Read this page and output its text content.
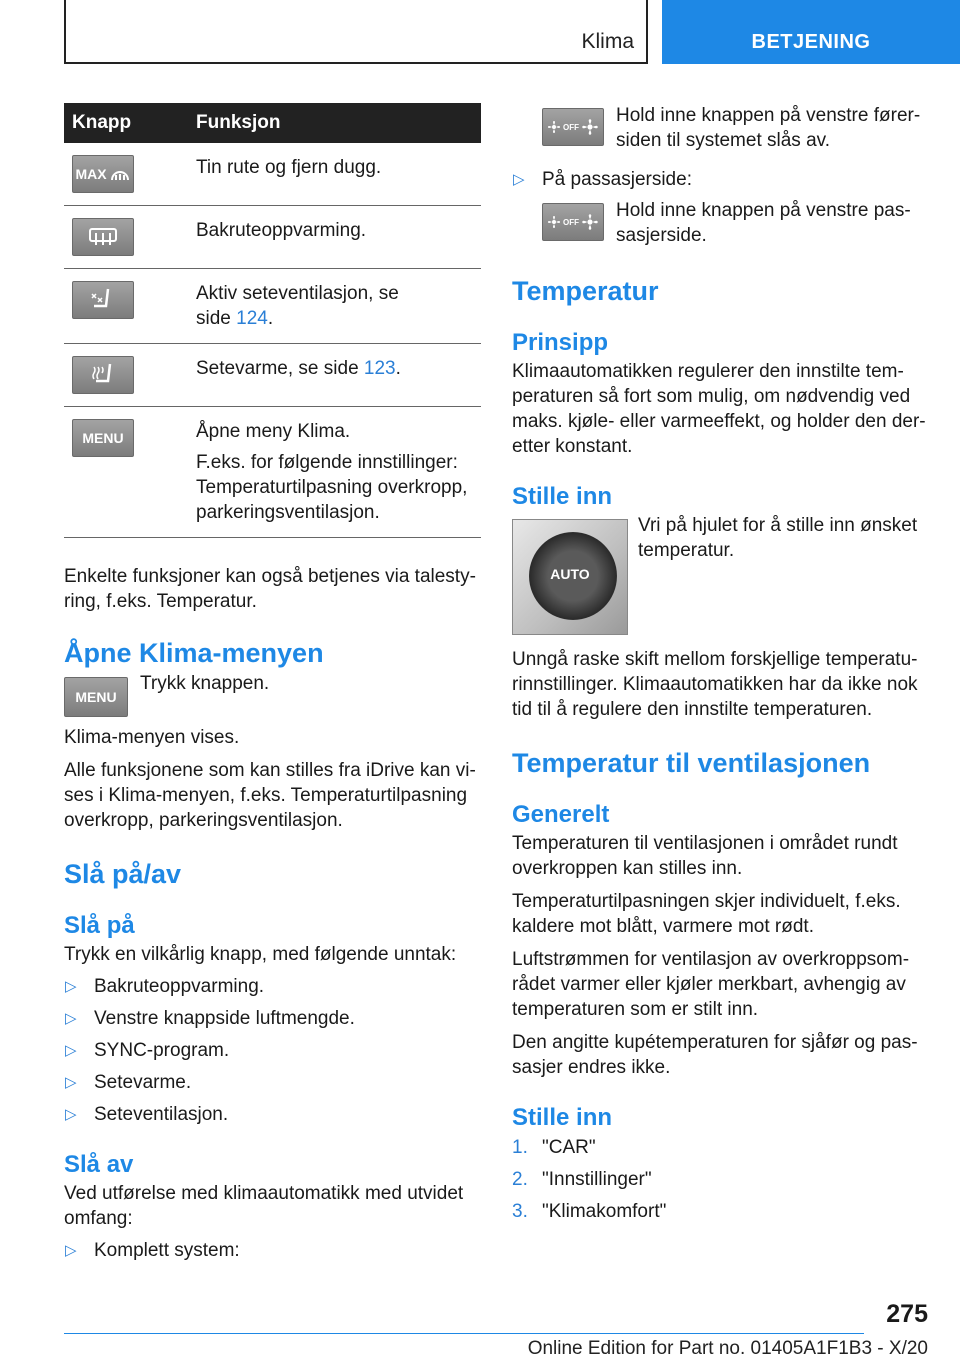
Klima	BETJENING
Knapp	Funksjon

MAX	Tin rute og fjern dugg.

Bakruteoppvarming.

Aktiv seteventilasjon, se
side 124.

Setevarme, se side 123.

MENU	Åpne meny Klima.

F.eks. for følgende innstillinger: Temperaturtilpasning overkropp, parkeringsventilasjon.

Enkelte funksjoner kan også betjenes via talesty-ring, f.eks. Temperatur.

Åpne Klima-menyen
MENU

Trykk knappen.

Klima-menyen vises.

Alle funksjonene som kan stilles fra iDrive kan vi-ses i Klima-menyen, f.eks. Temperaturtilpasning overkropp, parkeringsventilasjon.

Slå på/av
Slå på

Trykk en vilkårlig knapp, med følgende unntak:

▷ Bakruteoppvarming.
▷ Venstre knappside luftmengde.
▷ SYNC-program.
▷ Setevarme.
▷ Seteventilasjon.
Slå av

Ved utførelse med klimaautomatikk med utvidet omfang:

▷ Komplett system:
OFF

Hold inne knappen på venstre fører-siden til systemet slås av.

▷ På passasjerside:
OFF

Hold inne knappen på venstre pas-sasjerside.

Temperatur
Prinsipp

Klimaautomatikken regulerer den innstilte tem-peraturen så fort som mulig, om nødvendig ved maks. kjøle- eller varmeeffekt, og holder den der-etter konstant.

Stille inn
AUTO

Vri på hjulet for å stille inn ønsket temperatur.

Unngå raske skift mellom forskjellige temperatu-rinnstillinger. Klimaautomatikken har da ikke nok tid til å regulere den innstilte temperaturen.

Temperatur til ventilasjonen
Generelt

Temperaturen til ventilasjonen i området rundt overkroppen kan stilles inn.

Temperaturtilpasningen skjer individuelt, f.eks. kaldere mot blått, varmere mot rødt.

Luftstrømmen for ventilasjon av overkroppsom-rådet varmer eller kjøler merkbart, avhengig av temperaturen som er stilt inn.

Den angitte kupétemperaturen for sjåfør og pas-sasjer endres ikke.

Stille inn
1. "CAR"
2. "Innstillinger"
3. "Klimakomfort"
275
Online Edition for Part no. 01405A1F1B3 - X/20
